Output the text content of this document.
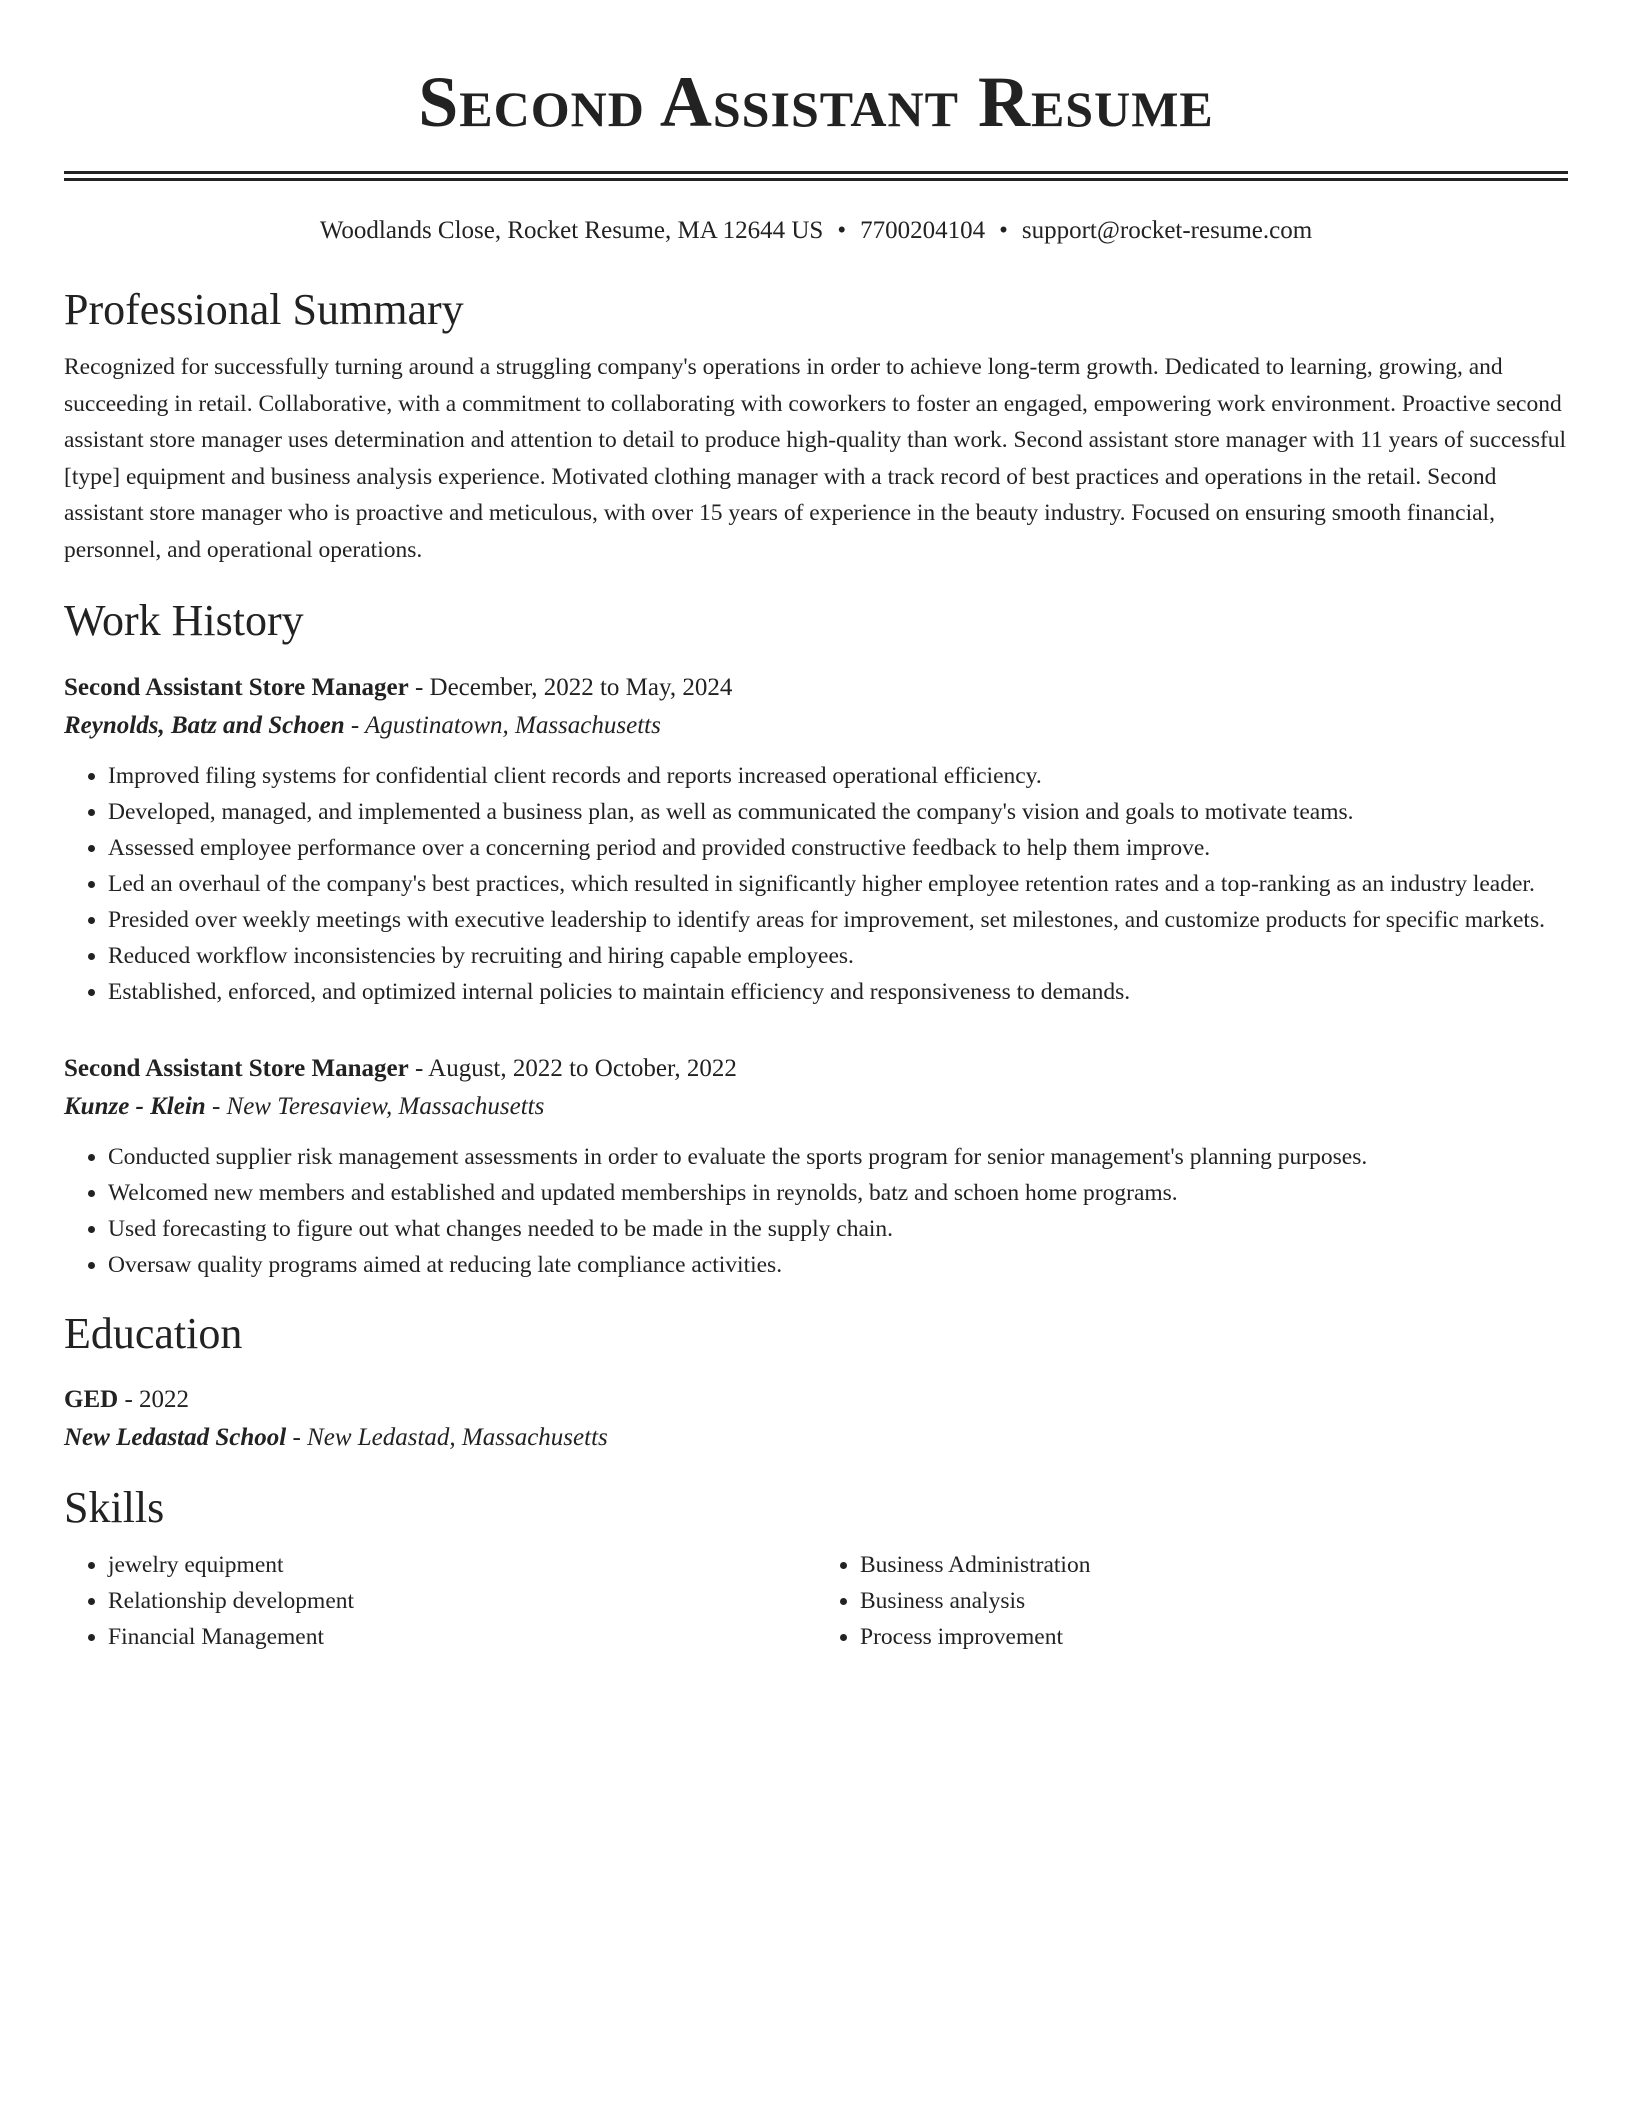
Second Assistant Resume
Woodlands Close, Rocket Resume, MA 12644 US • 7700204104 • support@rocket-resume.com
Professional Summary

Recognized for successfully turning around a struggling company's operations in order to achieve long-term growth. Dedicated to learning, growing, and succeeding in retail. Collaborative, with a commitment to collaborating with coworkers to foster an engaged, empowering work environment. Proactive second assistant store manager uses determination and attention to detail to produce high-quality than work. Second assistant store manager with 11 years of successful [type] equipment and business analysis experience. Motivated clothing manager with a track record of best practices and operations in the retail. Second assistant store manager who is proactive and meticulous, with over 15 years of experience in the beauty industry. Focused on ensuring smooth financial, personnel, and operational operations.

Work History
Second Assistant Store Manager - December, 2022 to May, 2024
Reynolds, Batz and Schoen - Agustinatown, Massachusetts
• Improved filing systems for confidential client records and reports increased operational efficiency.
• Developed, managed, and implemented a business plan, as well as communicated the company's vision and goals to motivate teams.
• Assessed employee performance over a concerning period and provided constructive feedback to help them improve.
• Led an overhaul of the company's best practices, which resulted in significantly higher employee retention rates and a top-ranking as an industry leader.
• Presided over weekly meetings with executive leadership to identify areas for improvement, set milestones, and customize products for specific markets.
• Reduced workflow inconsistencies by recruiting and hiring capable employees.
• Established, enforced, and optimized internal policies to maintain efficiency and responsiveness to demands.
Second Assistant Store Manager - August, 2022 to October, 2022
Kunze - Klein - New Teresaview, Massachusetts
• Conducted supplier risk management assessments in order to evaluate the sports program for senior management's planning purposes.
• Welcomed new members and established and updated memberships in reynolds, batz and schoen home programs.
• Used forecasting to figure out what changes needed to be made in the supply chain.
• Oversaw quality programs aimed at reducing late compliance activities.
Education
GED - 2022
New Ledastad School - New Ledastad, Massachusetts
Skills
• jewelry equipment
• Relationship development
• Financial Management
• Business Administration
• Business analysis
• Process improvement
